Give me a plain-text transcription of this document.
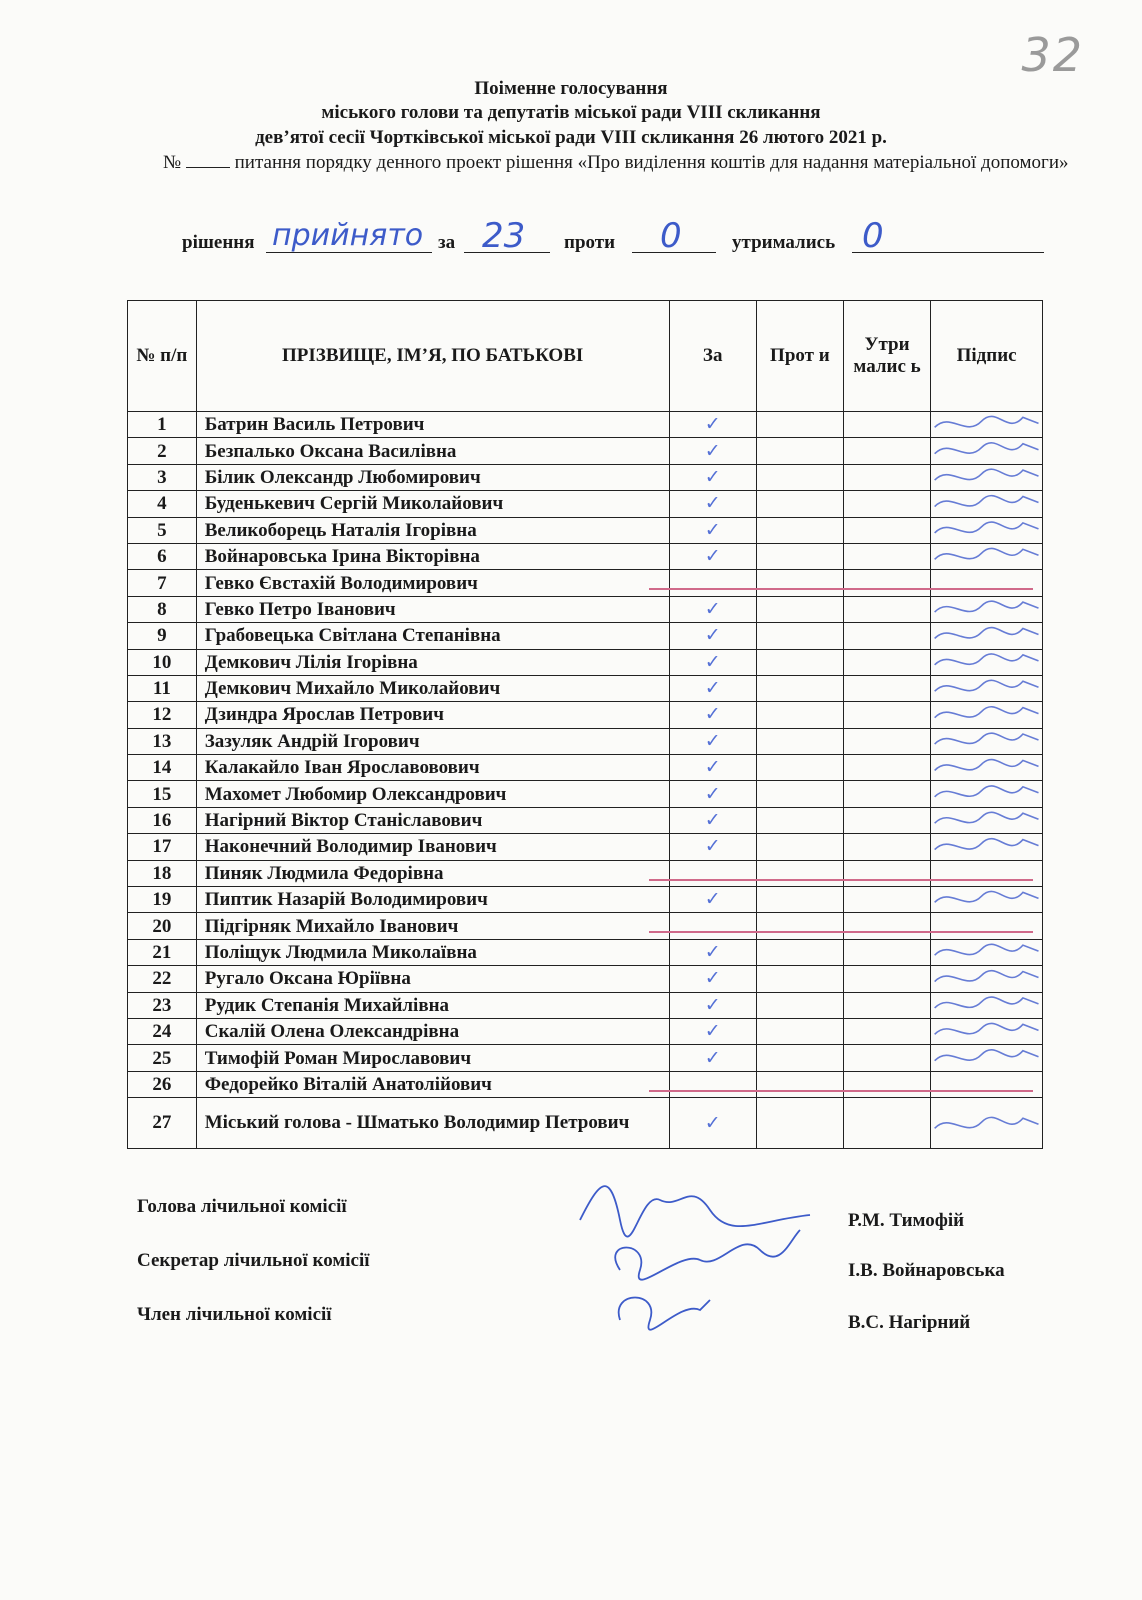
32
Поіменне голосування
міського голови та депутатів міської ради VIII скликання
дев’ятої сесії Чортківської міської ради VIII скликання 26 лютого 2021 р.
№	питання порядку денного проект рішення «Про виділення коштів для надання матеріальної допомоги»
рішення прийнято за 23 проти 0	утримались 0
№ п/п	ПРІЗВИЩЕ, ІМ’Я, ПО БАТЬКОВІ	За	Прот и	Утри малис ь	Підпис
1	Батрин Василь Петрович	✓			
2	Безпалько Оксана Василівна	✓			
3	Білик Олександр Любомирович	✓			
4	Буденькевич Сергій Миколайович	✓			
5	Великоборець Наталія Ігорівна	✓			
6	Войнаровська Ірина Вікторівна	✓			
7	Гевко Євстахій Володимирович				
8	Гевко Петро Іванович	✓			
9	Грабовецька Світлана Степанівна	✓			
10	Демкович Лілія Ігорівна	✓			
11	Демкович Михайло Миколайович	✓			
12	Дзиндра Ярослав Петрович	✓			
13	Зазуляк Андрій Ігорович	✓			
14	Калакайло Іван Ярославовович	✓			
15	Махомет Любомир Олександрович	✓			
16	Нагірний Віктор Станіславович	✓			
17	Наконечний Володимир Іванович	✓			
18	Пиняк Людмила Федорівна				
19	Пиптик Назарій Володимирович	✓			
20	Підгірняк Михайло Іванович				
21	Поліщук Людмила Миколаївна	✓			
22	Ругало Оксана Юріївна	✓			
23	Рудик Степанія Михайлівна	✓			
24	Скалій Олена Олександрівна	✓			
25	Тимофій Роман Мирославович	✓			
26	Федорейко Віталій Анатолійович				
27	Міський голова - Шматько Володимир Петрович	✓			
Голова лічильної комісії
Р.М. Тимофій
Секретар лічильної комісії	І.В. Войнаровська
Член лічильної комісії	В.С. Нагірний
